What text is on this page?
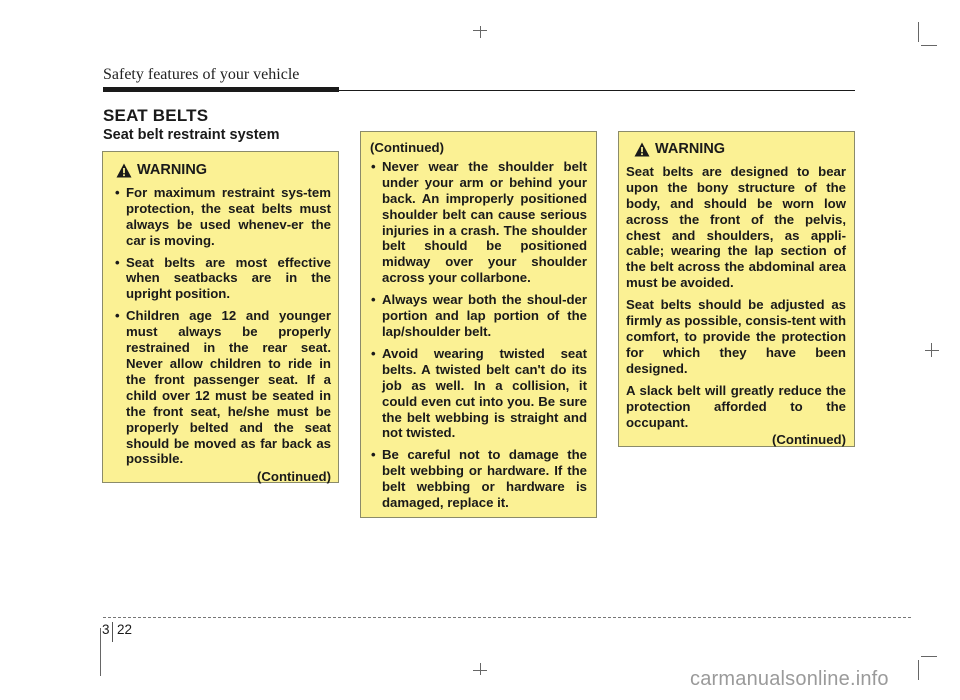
Safety features of your vehicle
SEAT BELTS
Seat belt restraint system
WARNING
• For maximum restraint sys-tem protection, the seat belts must always be used whenev-er the car is moving.
• Seat belts are most effective when seatbacks are in the upright position.
• Children age 12 and younger must always be properly restrained in the rear seat. Never allow children to ride in the front passenger seat. If a child over 12 must be seated in the front seat, he/she must be properly belted and the seat should be moved as far back as possible.
(Continued)
(Continued)
• Never wear the shoulder belt under your arm or behind your back. An improperly positioned shoulder belt can cause serious injuries in a crash. The shoulder belt should be positioned midway over your shoulder across your collarbone.
• Always wear both the shoul-der portion and lap portion of the lap/shoulder belt.
• Avoid wearing twisted seat belts. A twisted belt can't do its job as well. In a collision, it could even cut into you. Be sure the belt webbing is straight and not twisted.
• Be careful not to damage the belt webbing or hardware. If the belt webbing or hardware is damaged, replace it.
WARNING

Seat belts are designed to bear upon the bony structure of the body, and should be worn low across the front of the pelvis, chest and shoulders, as appli-cable; wearing the lap section of the belt across the abdominal area must be avoided.

Seat belts should be adjusted as firmly as possible, consis-tent with comfort, to provide the protection for which they have been designed.

A slack belt will greatly reduce the protection afforded to the occupant.

(Continued)
3 22
carmanualsonline.info
